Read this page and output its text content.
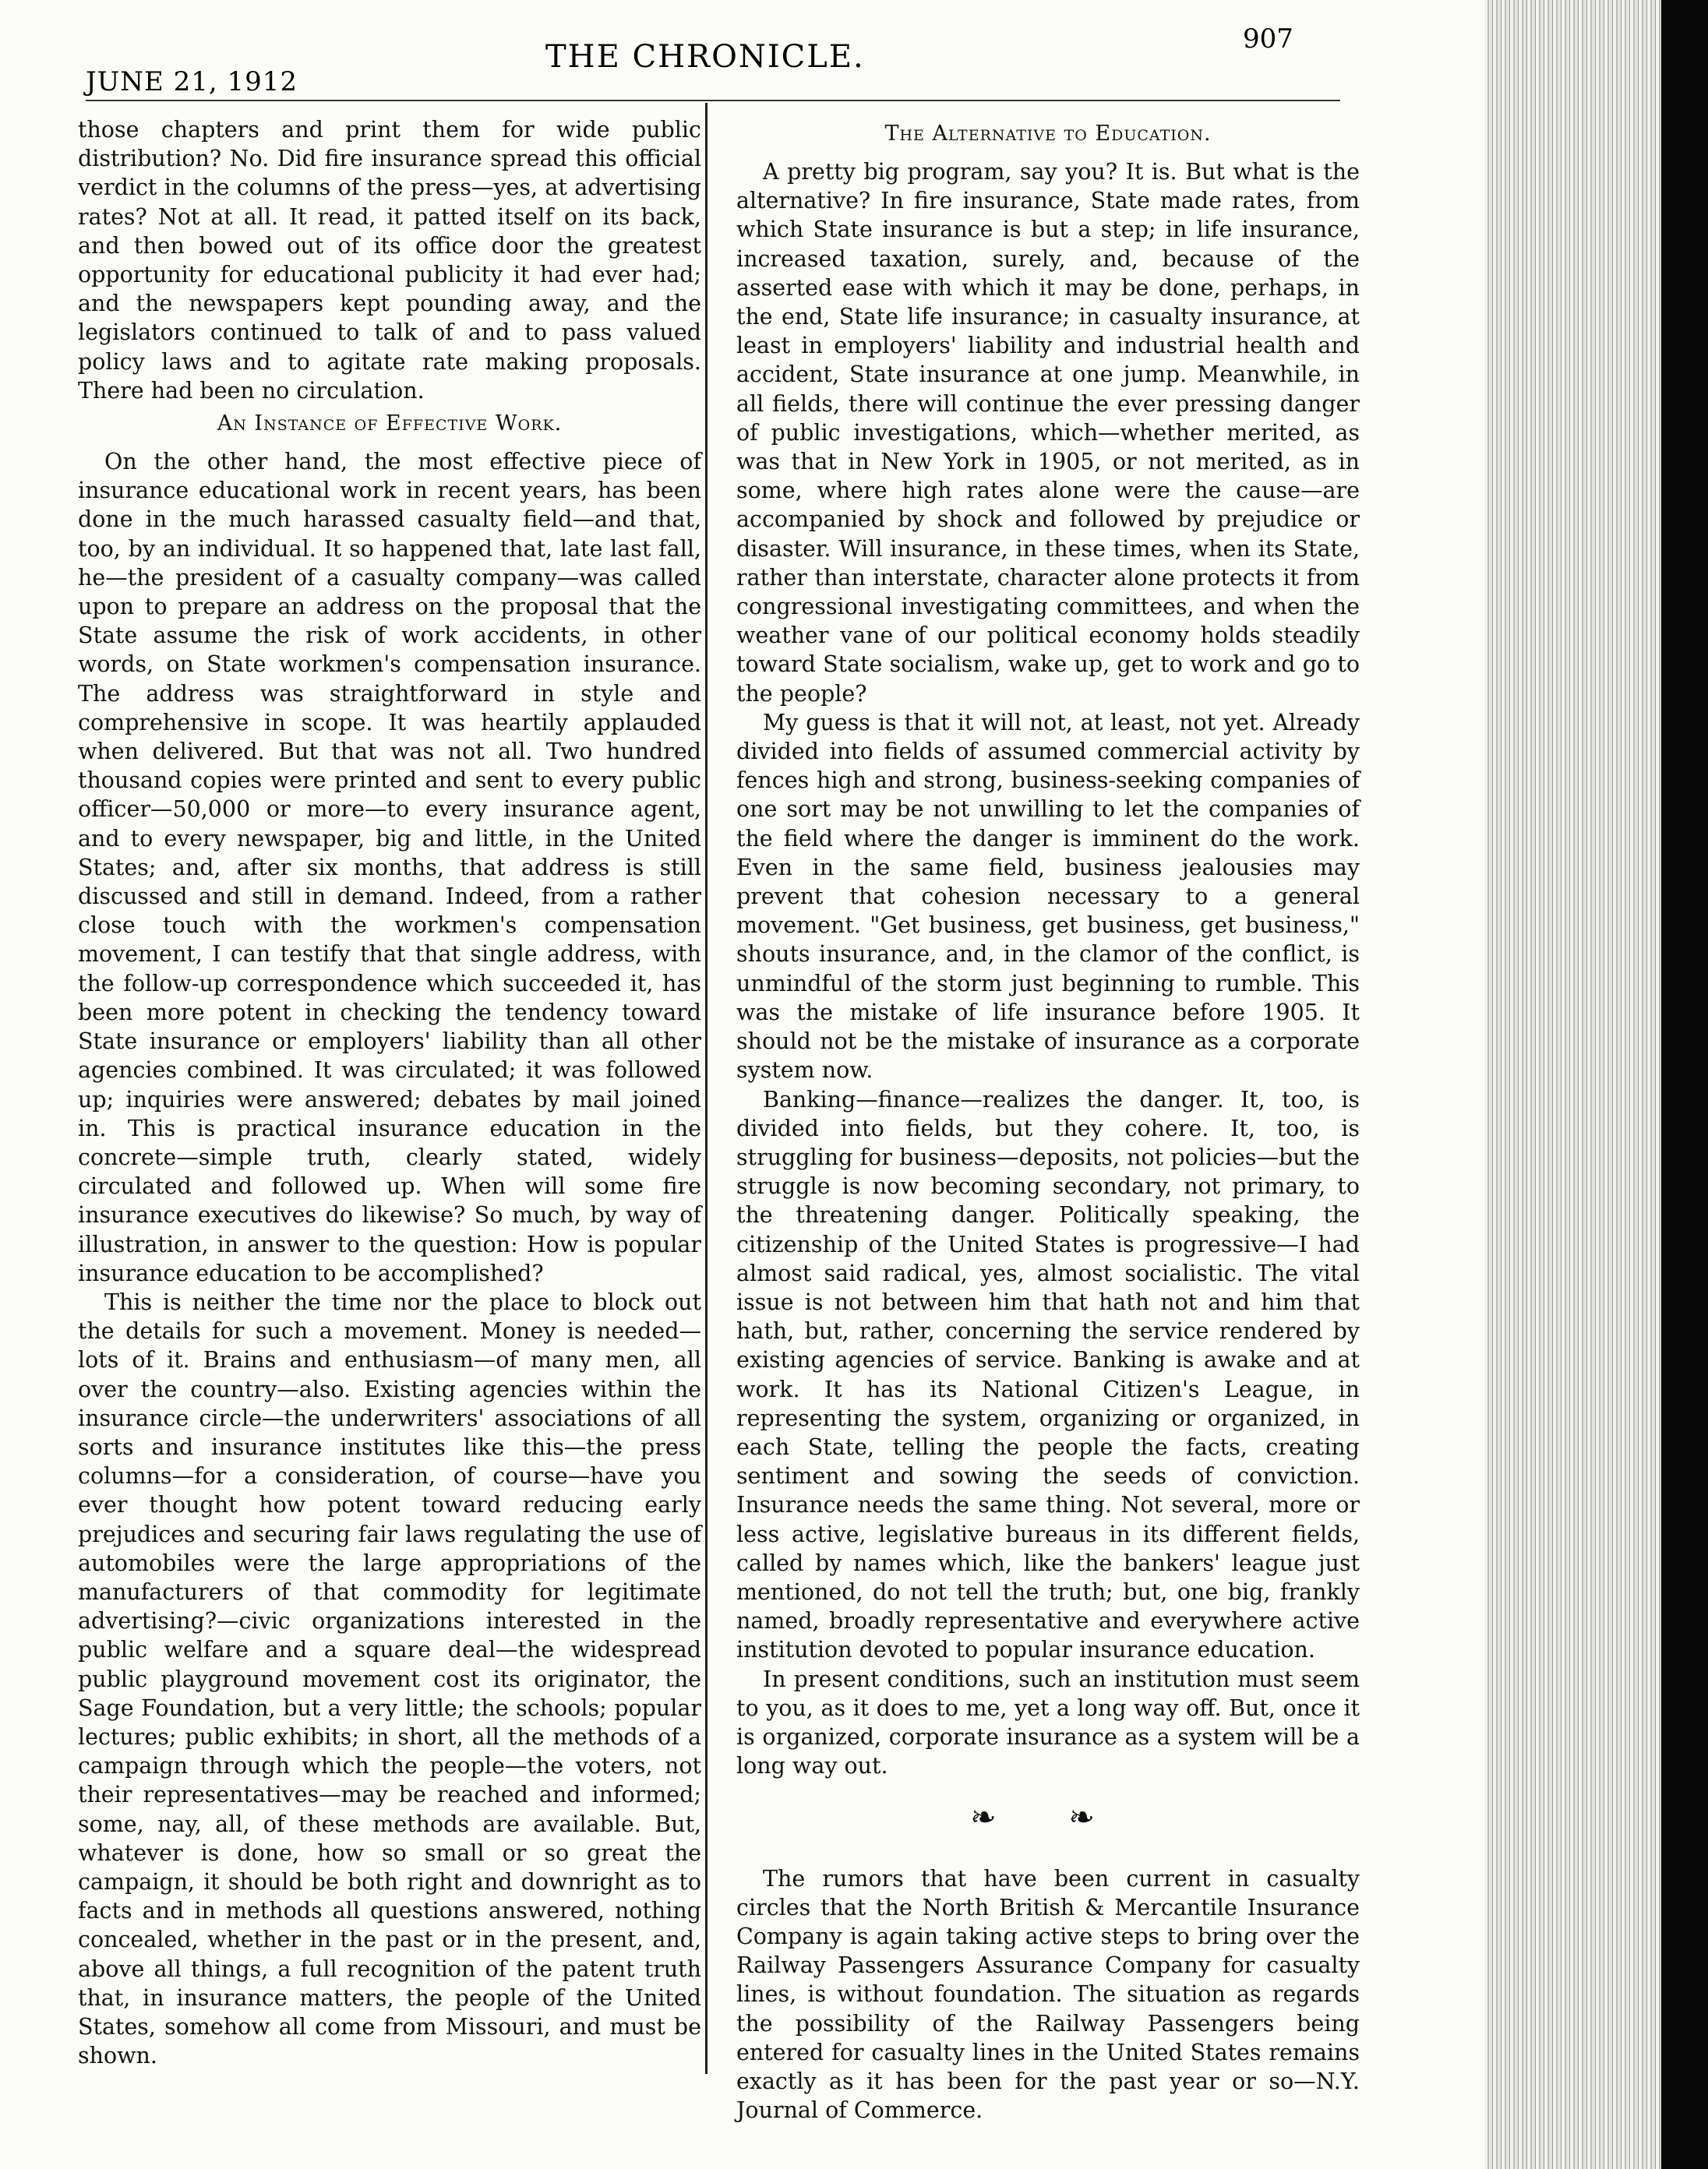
JUNE 21, 1912
THE CHRONICLE.	907

those chapters and print them for wide public distribution? No. Did fire insurance spread this official verdict in the columns of the press—yes, at advertising rates? Not at all. It read, it patted itself on its back, and then bowed out of its office door the greatest opportunity for educational publicity it had ever had; and the newspapers kept pounding away, and the legislators continued to talk of and to pass valued policy laws and to agitate rate making proposals. There had been no circulation.

An Instance of Effective Work.

On the other hand, the most effective piece of insurance educational work in recent years, has been done in the much harassed casualty field—and that, too, by an individual. It so happened that, late last fall, he—the president of a casualty company—was called upon to prepare an address on the proposal that the State assume the risk of work accidents, in other words, on State workmen's compensation insurance. The address was straightforward in style and comprehensive in scope. It was heartily applauded when delivered. But that was not all. Two hundred thousand copies were printed and sent to every public officer—50,000 or more—to every insurance agent, and to every newspaper, big and little, in the United States; and, after six months, that address is still discussed and still in demand. Indeed, from a rather close touch with the workmen's compensation movement, I can testify that that single address, with the follow-up correspondence which succeeded it, has been more potent in checking the tendency toward State insurance or employers' liability than all other agencies combined. It was circulated; it was followed up; inquiries were answered; debates by mail joined in. This is practical insurance education in the concrete—simple truth, clearly stated, widely circulated and followed up. When will some fire insurance executives do likewise? So much, by way of illustration, in answer to the question: How is popular insurance education to be accomplished?

This is neither the time nor the place to block out the details for such a movement. Money is needed—lots of it. Brains and enthusiasm—of many men, all over the country—also. Existing agencies within the insurance circle—the underwriters' associations of all sorts and insurance institutes like this—the press columns—for a consideration, of course—have you ever thought how potent toward reducing early prejudices and securing fair laws regulating the use of automobiles were the large appropriations of the manufacturers of that commodity for legitimate advertising?—civic organizations interested in the public welfare and a square deal—the widespread public playground movement cost its originator, the Sage Foundation, but a very little; the schools; popular lectures; public exhibits; in short, all the methods of a campaign through which the people—the voters, not their representatives—may be reached and informed; some, nay, all, of these methods are available. But, whatever is done, how so small or so great the campaign, it should be both right and downright as to facts and in methods all questions answered, nothing concealed, whether in the past or in the present, and, above all things, a full recognition of the patent truth that, in insurance matters, the people of the United States, somehow all come from Missouri, and must be shown.

The Alternative to Education.

A pretty big program, say you? It is. But what is the alternative? In fire insurance, State made rates, from which State insurance is but a step; in life insurance, increased taxation, surely, and, because of the asserted ease with which it may be done, perhaps, in the end, State life insurance; in casualty insurance, at least in employers' liability and industrial health and accident, State insurance at one jump. Meanwhile, in all fields, there will continue the ever pressing danger of public investigations, which—whether merited, as was that in New York in 1905, or not merited, as in some, where high rates alone were the cause—are accompanied by shock and followed by prejudice or disaster. Will insurance, in these times, when its State, rather than interstate, character alone protects it from congressional investigating committees, and when the weather vane of our political economy holds steadily toward State socialism, wake up, get to work and go to the people?

My guess is that it will not, at least, not yet. Already divided into fields of assumed commercial activity by fences high and strong, business-seeking companies of one sort may be not unwilling to let the companies of the field where the danger is imminent do the work. Even in the same field, business jealousies may prevent that cohesion necessary to a general movement. "Get business, get business, get business," shouts insurance, and, in the clamor of the conflict, is unmindful of the storm just beginning to rumble. This was the mistake of life insurance before 1905. It should not be the mistake of insurance as a corporate system now.

Banking—finance—realizes the danger. It, too, is divided into fields, but they cohere. It, too, is struggling for business—deposits, not policies—but the struggle is now becoming secondary, not primary, to the threatening danger. Politically speaking, the citizenship of the United States is progressive—I had almost said radical, yes, almost socialistic. The vital issue is not between him that hath not and him that hath, but, rather, concerning the service rendered by existing agencies of service. Banking is awake and at work. It has its National Citizen's League, in representing the system, organizing or organized, in each State, telling the people the facts, creating sentiment and sowing the seeds of conviction. Insurance needs the same thing. Not several, more or less active, legislative bureaus in its different fields, called by names which, like the bankers' league just mentioned, do not tell the truth; but, one big, frankly named, broadly representative and everywhere active institution devoted to popular insurance education.

In present conditions, such an institution must seem to you, as it does to me, yet a long way off. But, once it is organized, corporate insurance as a system will be a long way out.

❧ ❧

The rumors that have been current in casualty circles that the North British & Mercantile Insurance Company is again taking active steps to bring over the Railway Passengers Assurance Company for casualty lines, is without foundation. The situation as regards the possibility of the Railway Passengers being entered for casualty lines in the United States remains exactly as it has been for the past year or so—N.Y. Journal of Commerce.
